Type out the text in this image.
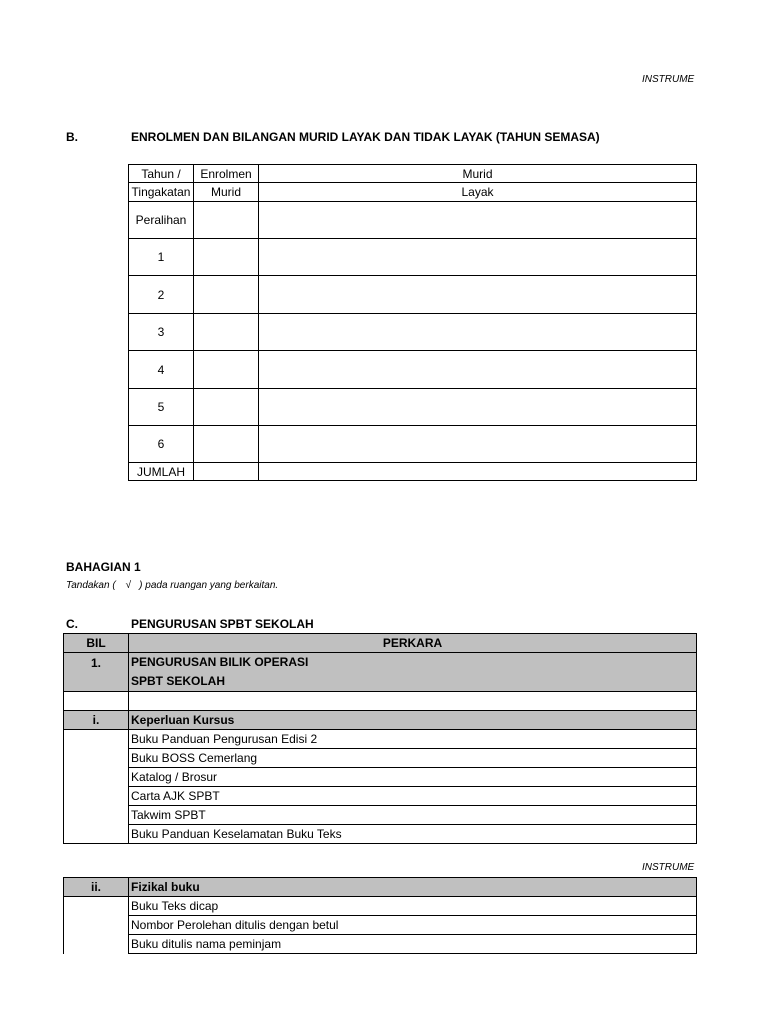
INSTRUME
B.	ENROLMEN DAN BILANGAN MURID LAYAK DAN TIDAK LAYAK (TAHUN SEMASA)
Tahun /	Enrolmen	Murid
Tingakatan	Murid	Layak
Peralihan		
1		
2		
3		
4		
5		
6		
JUMLAH		
BAHAGIAN 1
Tandakan ( √ ) pada ruangan yang berkaitan.
C.	PENGURUSAN SPBT SEKOLAH
BIL	PERKARA
1.	PENGURUSAN BILIK OPERASI
SPBT SEKOLAH

i.	Keperluan Kursus
	Buku Panduan Pengurusan Edisi 2
	Buku BOSS Cemerlang
	Katalog / Brosur
	Carta AJK SPBT
	Takwim SPBT
	Buku Panduan Keselamatan Buku Teks
INSTRUME
ii.	Fizikal buku
	Buku Teks dicap
	Nombor Perolehan ditulis dengan betul
	Buku ditulis nama peminjam
